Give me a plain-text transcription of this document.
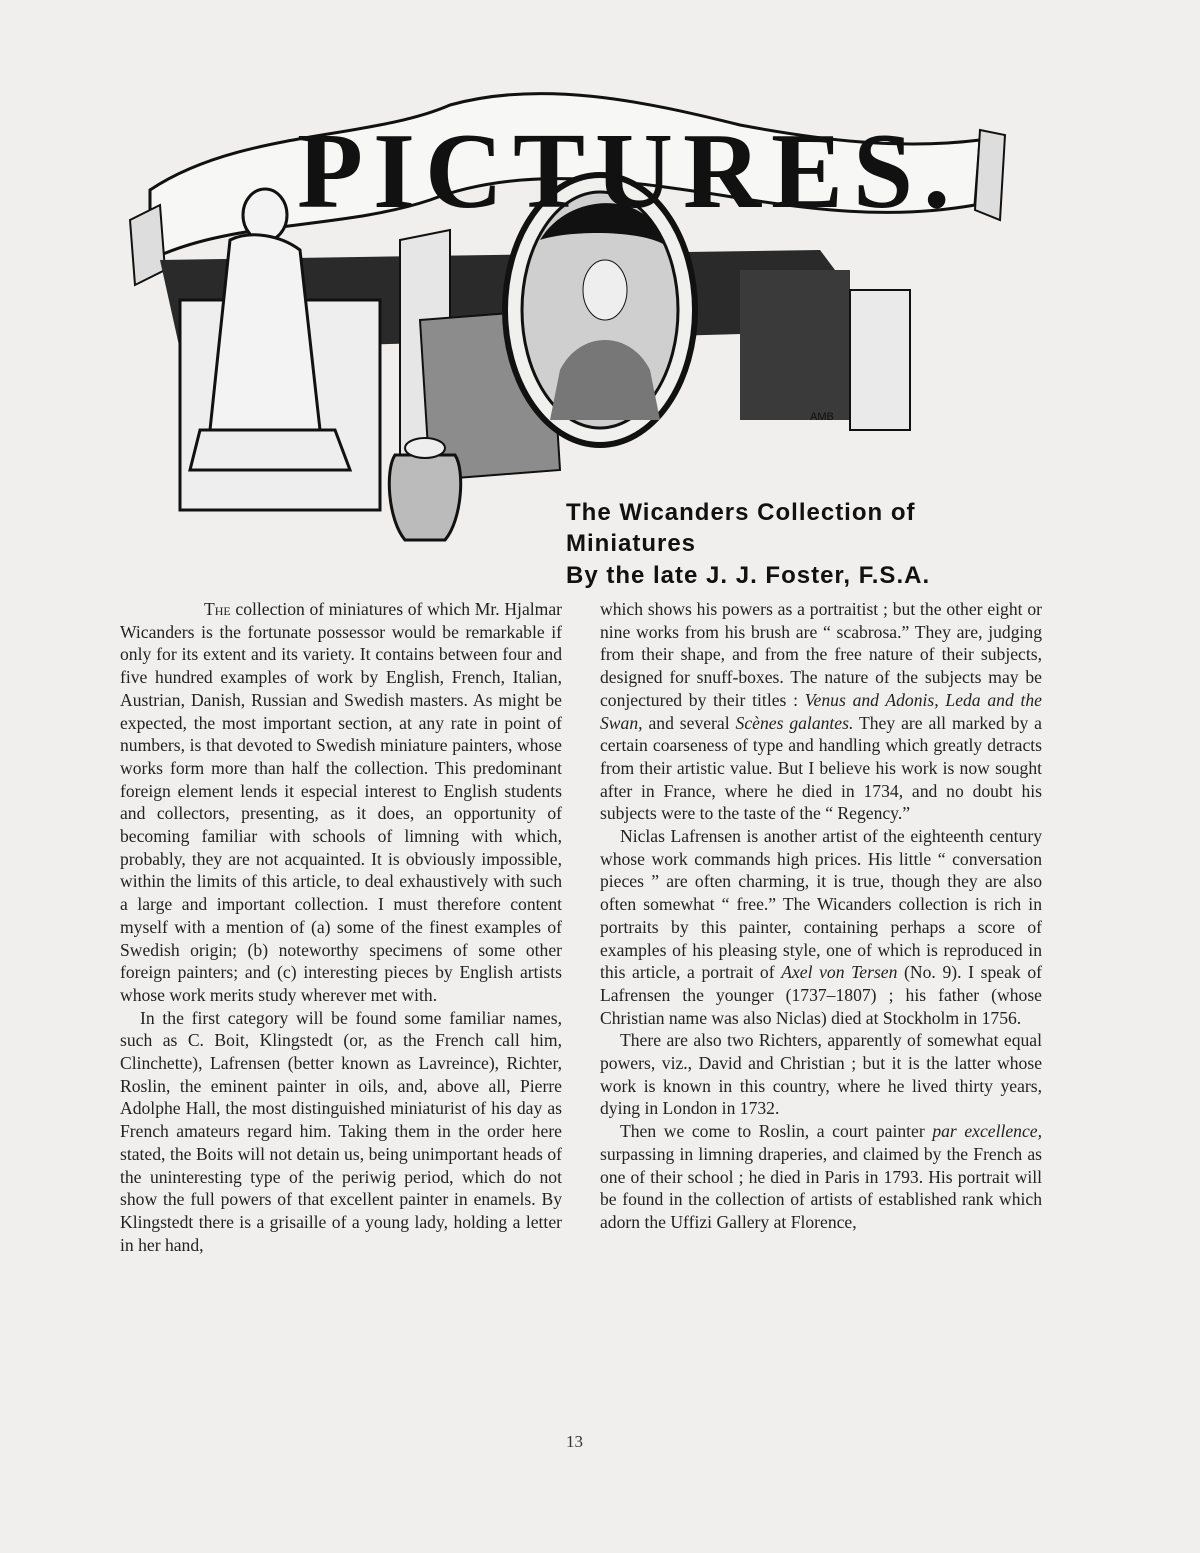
AMB
PICTURES.
The Wicanders Collection of Miniatures
By the late J. J. Foster, F.S.A.

The collection of miniatures of which Mr. Hjalmar Wicanders is the fortunate possessor would be remarkable if only for its extent and its variety. It contains between four and five hundred examples of work by English, French, Italian, Austrian, Danish, Russian and Swedish masters. As might be expected, the most important section, at any rate in point of numbers, is that devoted to Swedish miniature painters, whose works form more than half the collection. This predominant foreign element lends it especial interest to English students and collectors, presenting, as it does, an opportunity of becoming familiar with schools of limning with which, probably, they are not acquainted. It is obviously impossible, within the limits of this article, to deal exhaustively with such a large and important collection. I must therefore content myself with a mention of (a) some of the finest examples of Swedish origin; (b) noteworthy specimens of some other foreign painters; and (c) interesting pieces by English artists whose work merits study wherever met with.

In the first category will be found some familiar names, such as C. Boit, Klingstedt (or, as the French call him, Clinchette), Lafrensen (better known as Lavreince), Richter, Roslin, the eminent painter in oils, and, above all, Pierre Adolphe Hall, the most distinguished miniaturist of his day as French amateurs regard him. Taking them in the order here stated, the Boits will not detain us, being unimportant heads of the uninteresting type of the periwig period, which do not show the full powers of that excellent painter in enamels. By Klingstedt there is a grisaille of a young lady, holding a letter in her hand,

which shows his powers as a portraitist ; but the other eight or nine works from his brush are “ scabrosa.” They are, judging from their shape, and from the free nature of their subjects, designed for snuff-boxes. The nature of the subjects may be conjectured by their titles : Venus and Adonis, Leda and the Swan, and several Scènes galantes. They are all marked by a certain coarseness of type and handling which greatly detracts from their artistic value. But I believe his work is now sought after in France, where he died in 1734, and no doubt his subjects were to the taste of the “ Regency.”

Niclas Lafrensen is another artist of the eighteenth century whose work commands high prices. His little “ conversation pieces ” are often charming, it is true, though they are also often somewhat “ free.” The Wicanders collection is rich in portraits by this painter, containing perhaps a score of examples of his pleasing style, one of which is reproduced in this article, a portrait of Axel von Tersen (No. 9). I speak of Lafrensen the younger (1737–1807) ; his father (whose Christian name was also Niclas) died at Stockholm in 1756.

There are also two Richters, apparently of somewhat equal powers, viz., David and Christian ; but it is the latter whose work is known in this country, where he lived thirty years, dying in London in 1732.

Then we come to Roslin, a court painter par excellence, surpassing in limning draperies, and claimed by the French as one of their school ; he died in Paris in 1793. His portrait will be found in the collection of artists of established rank which adorn the Uffizi Gallery at Florence,

13
